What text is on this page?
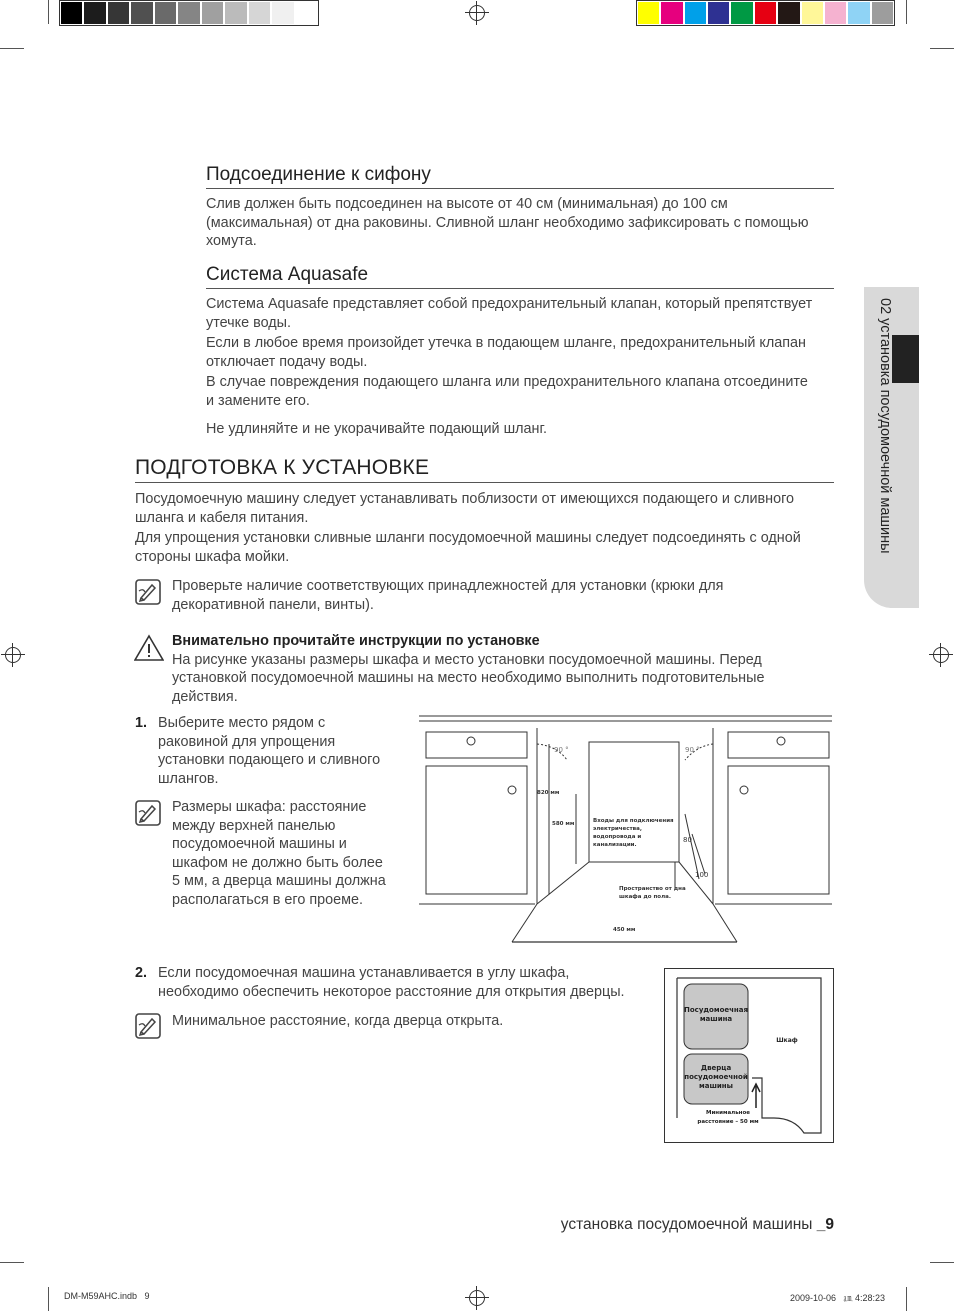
02 установка посудомоечной машины
Подсоединение к сифону
Слив должен быть подсоединен на высоте от 40 см (минимальная) до 100 см
(максимальная) от дна раковины. Сливной шланг необходимо зафиксировать с помощью
хомута.
Система Aquasafe
Система Aquasafe представляет собой предохранительный клапан, который препятствует
утечке воды.
Если в любое время произойдет утечка в подающем шланге, предохранительный клапан
отключает подачу воды.
В случае повреждения подающего шланга или предохранительного клапана отсоедините
и замените его.
Не удлиняйте и не укорачивайте подающий шланг.
ПОДГОТОВКА К УСТАНОВКЕ
Посудомоечную машину следует устанавливать поблизости от имеющихся подающего и сливного
шланга и кабеля питания.
Для упрощения установки сливные шланги посудомоечной машины следует подсоединять с одной
стороны шкафа мойки.
Проверьте наличие соответствующих принадлежностей для установки (крюки для
декоративной панели, винты).
Внимательно прочитайте инструкции по установке
На рисунке указаны размеры шкафа и место установки посудомоечной машины. Перед
установкой посудомоечной машины на место необходимо выполнить подготовительные
действия.
1. Выберите место рядом с
раковиной для упрощения
установки подающего и сливного
шлангов.
Размеры шкафа: расстояние
между верхней панелью
посудомоечной машины и
шкафом не должно быть более
5 мм, а дверца машины должна
располагаться в его проеме.
90 °	90 °
820 мм
580 мм	Входы для подключения
электричества,
водопровода и
канализации.
80
100
Пространство от дна
шкафа до пола.
450 мм
2. Если посудомоечная машина устанавливается в углу шкафа,
необходимо обеспечить некоторое расстояние для открытия дверцы.
Минимальное расстояние, когда дверца открыта.
Посудомоечная
машина
Шкаф
Дверца
посудомоечной
машины
Минимальное
расстояние – 50 мм
установка посудомоечной машины _9
DM-M59AHC.indb   9	2009-10-06   ㏂ 4:28:23
